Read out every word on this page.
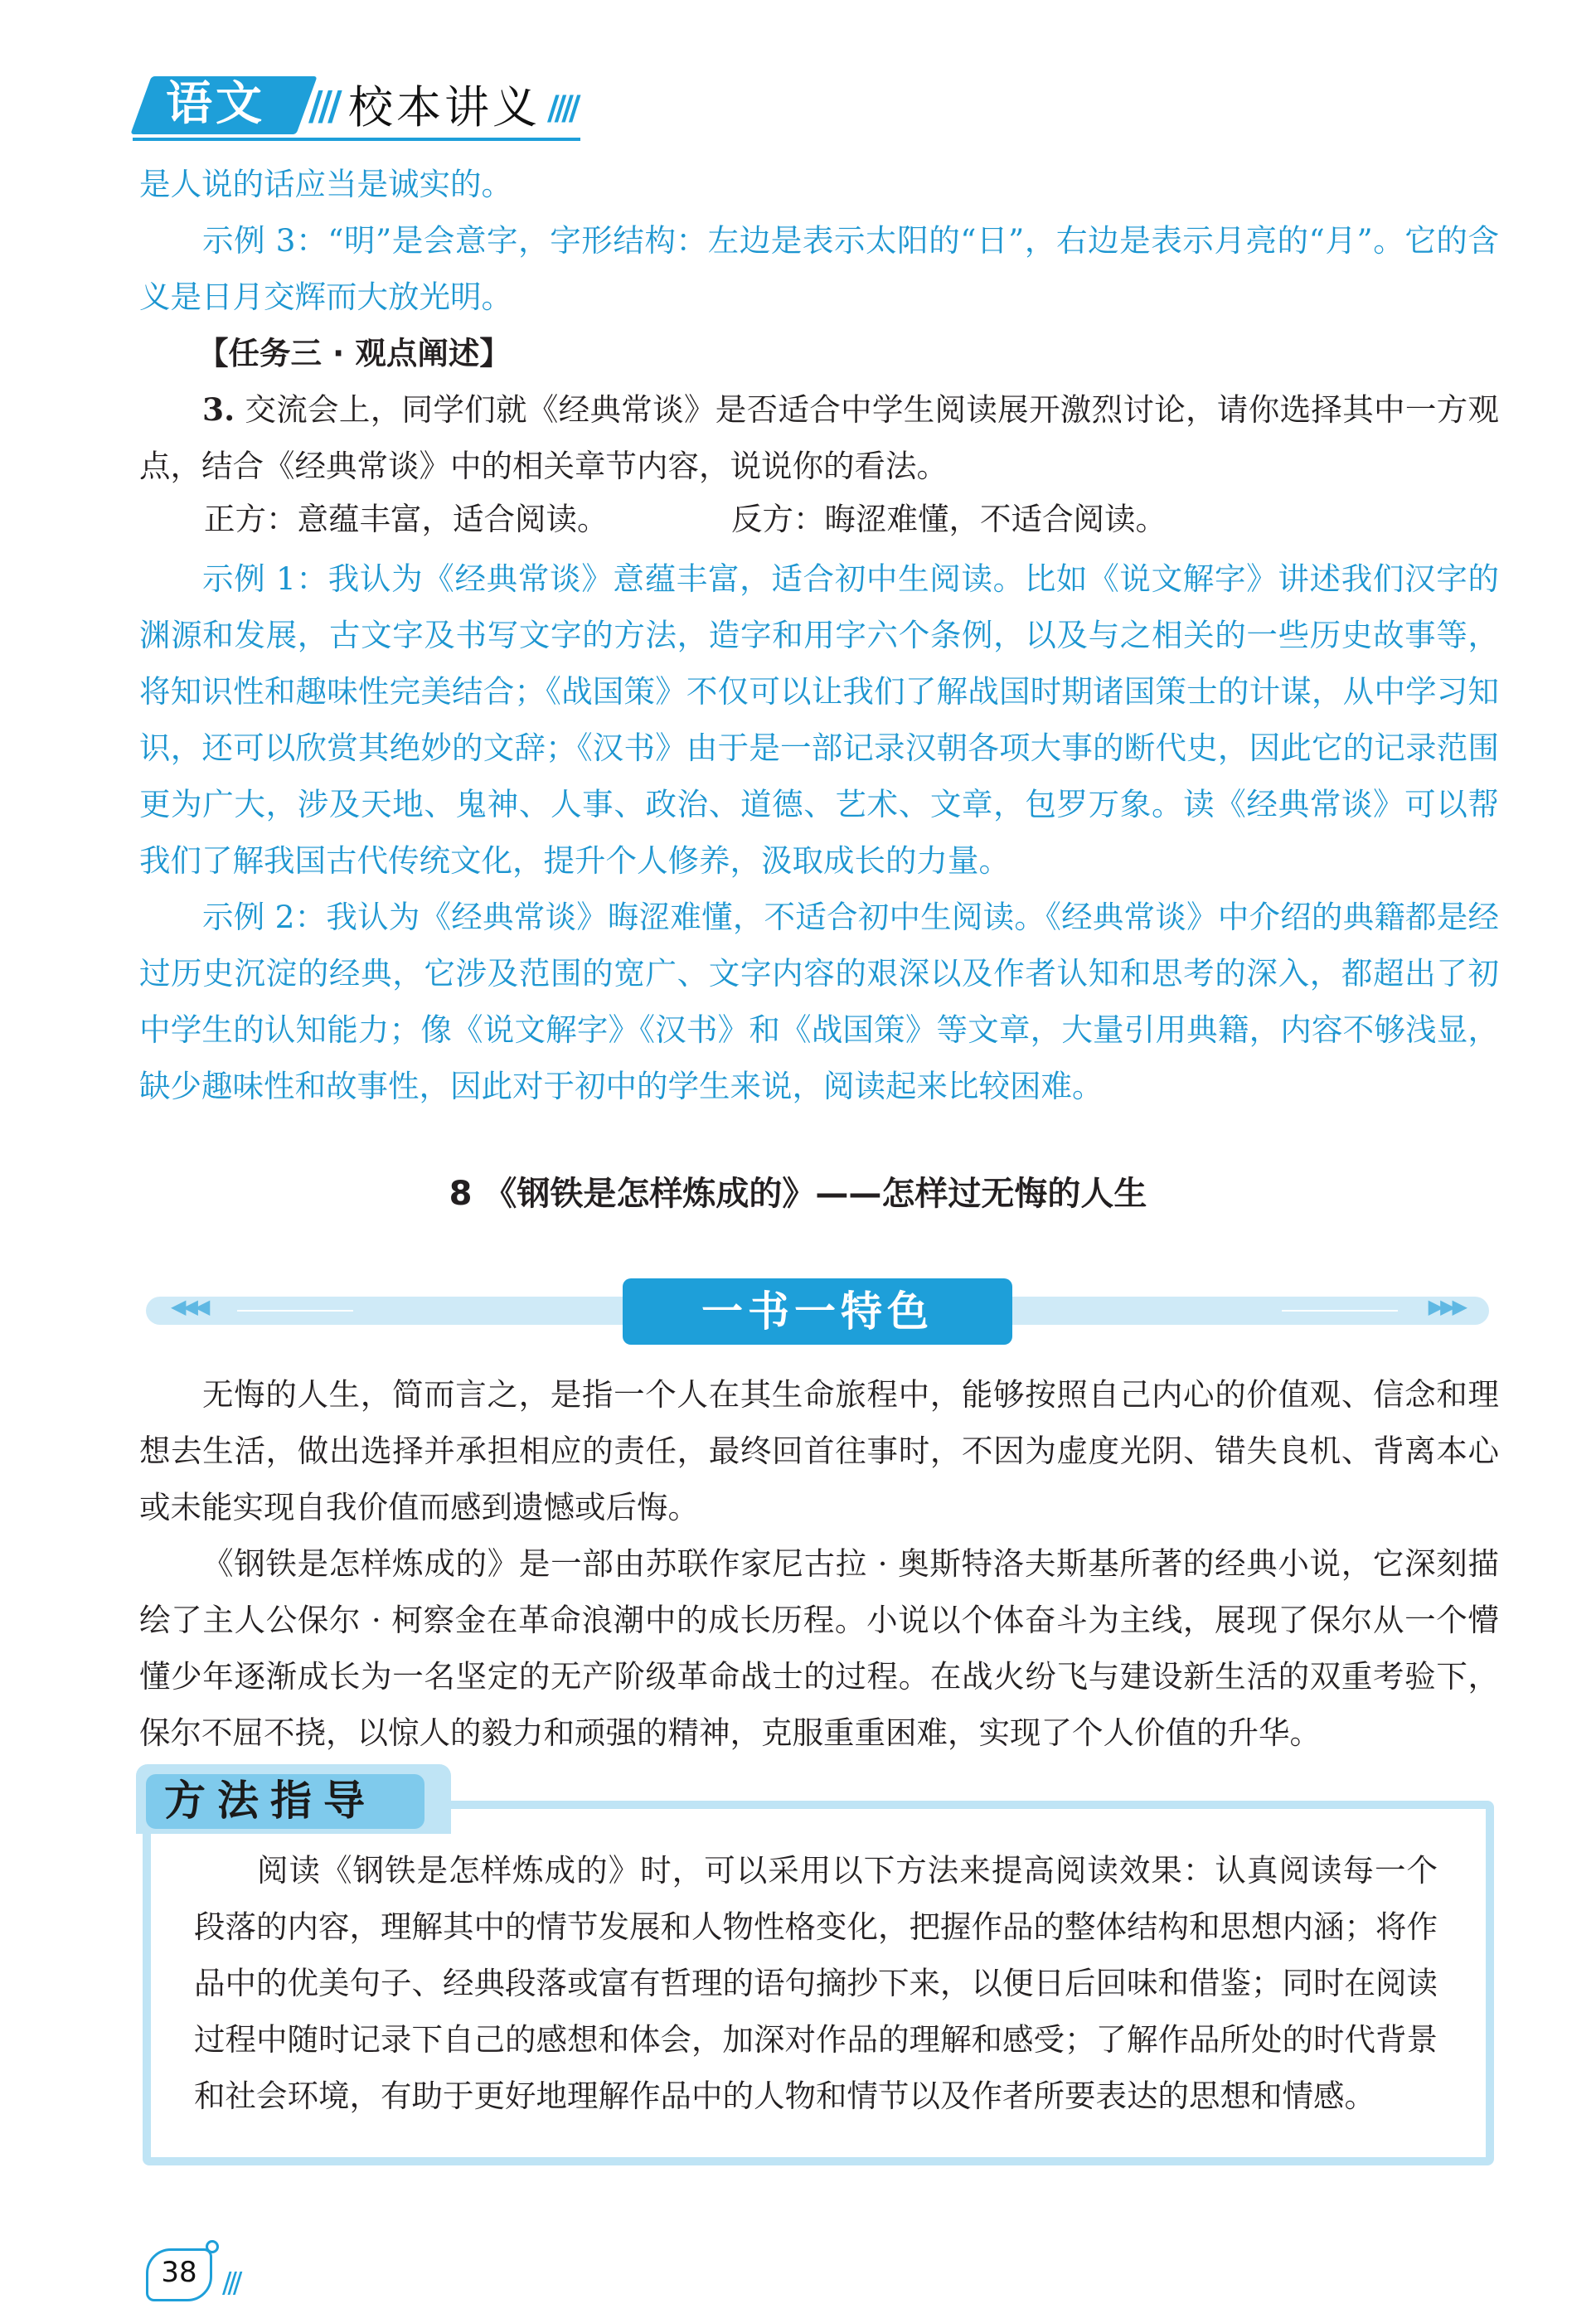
语文	/// 校本讲义 ////
是人说的话应当是诚实的。
示例 3：“明”是会意字，字形结构：左边是表示太阳的“日”，右边是表示月亮的“月”。它的含义是日月交辉而大放光明。
【任务三 · 观点阐述】
3. 交流会上，同学们就《经典常谈》是否适合中学生阅读展开激烈讨论，请你选择其中一方观点，结合《经典常谈》中的相关章节内容，说说你的看法。
正方：意蕴丰富，适合阅读。	反方：晦涩难懂，不适合阅读。
示例 1：我认为《经典常谈》意蕴丰富，适合初中生阅读。比如《说文解字》讲述我们汉字的渊源和发展，古文字及书写文字的方法，造字和用字六个条例，以及与之相关的一些历史故事等，将知识性和趣味性完美结合；《战国策》不仅可以让我们了解战国时期诸国策士的计谋，从中学习知识，还可以欣赏其绝妙的文辞；《汉书》由于是一部记录汉朝各项大事的断代史，因此它的记录范围更为广大，涉及天地、鬼神、人事、政治、道德、艺术、文章，包罗万象。读《经典常谈》可以帮我们了解我国古代传统文化，提升个人修养，汲取成长的力量。
示例 2：我认为《经典常谈》晦涩难懂，不适合初中生阅读。《经典常谈》中介绍的典籍都是经过历史沉淀的经典，它涉及范围的宽广、文字内容的艰深以及作者认知和思考的深入，都超出了初中学生的认知能力；像《说文解字》《汉书》和《战国策》等文章，大量引用典籍，内容不够浅显，缺少趣味性和故事性，因此对于初中的学生来说，阅读起来比较困难。
8 《钢铁是怎样炼成的》——怎样过无悔的人生
◀◀◀	▶▶▶
一书一特色
无悔的人生，简而言之，是指一个人在其生命旅程中，能够按照自己内心的价值观、信念和理想去生活，做出选择并承担相应的责任，最终回首往事时，不因为虚度光阴、错失良机、背离本心或未能实现自我价值而感到遗憾或后悔。
《钢铁是怎样炼成的》是一部由苏联作家尼古拉 · 奥斯特洛夫斯基所著的经典小说，它深刻描绘了主人公保尔 · 柯察金在革命浪潮中的成长历程。小说以个体奋斗为主线，展现了保尔从一个懵懂少年逐渐成长为一名坚定的无产阶级革命战士的过程。在战火纷飞与建设新生活的双重考验下，保尔不屈不挠，以惊人的毅力和顽强的精神，克服重重困难，实现了个人价值的升华。
方法指导
阅读《钢铁是怎样炼成的》时，可以采用以下方法来提高阅读效果：认真阅读每一个段落的内容，理解其中的情节发展和人物性格变化，把握作品的整体结构和思想内涵；将作品中的优美句子、经典段落或富有哲理的语句摘抄下来，以便日后回味和借鉴；同时在阅读过程中随时记录下自己的感想和体会，加深对作品的理解和感受；了解作品所处的时代背景和社会环境，有助于更好地理解作品中的人物和情节以及作者所要表达的思想和情感。
38 ///
